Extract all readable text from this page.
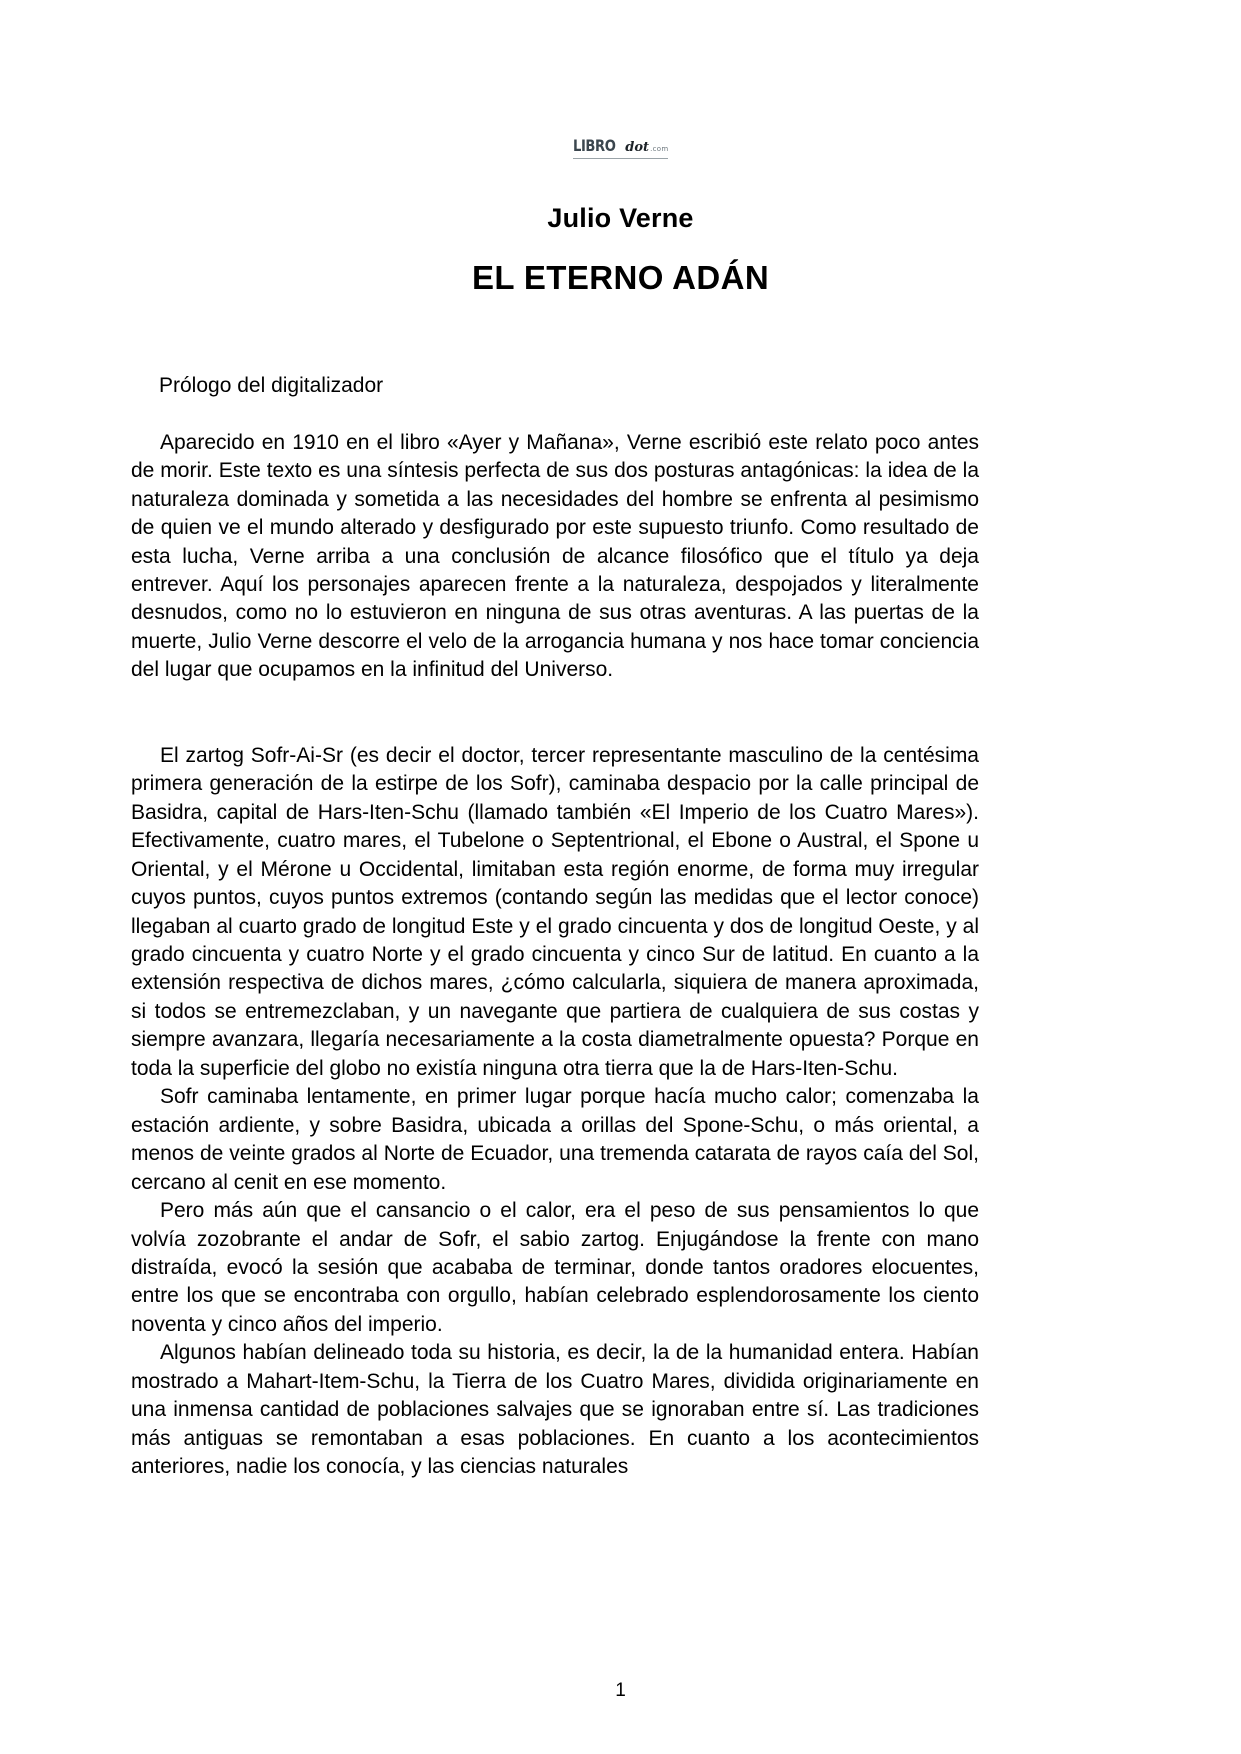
LIBRO dot.com
Julio Verne
EL ETERNO ADÁN
Prólogo del digitalizador

Aparecido en 1910 en el libro «Ayer y Mañana», Verne escribió este relato poco antes de morir. Este texto es una síntesis perfecta de sus dos posturas antagónicas: la idea de la naturaleza dominada y sometida a las necesidades del hombre se enfrenta al pesimismo de quien ve el mundo alterado y desfigurado por este supuesto triunfo. Como resultado de esta lucha, Verne arriba a una conclusión de alcance filosófico que el título ya deja entrever. Aquí los personajes aparecen frente a la naturaleza, despojados y literalmente desnudos, como no lo estuvieron en ninguna de sus otras aventuras. A las puertas de la muerte, Julio Verne descorre el velo de la arrogancia humana y nos hace tomar conciencia del lugar que ocupamos en la infinitud del Universo.

El zartog Sofr-Ai-Sr (es decir el doctor, tercer representante masculino de la centésima primera generación de la estirpe de los Sofr), caminaba despacio por la calle principal de Basidra, capital de Hars-Iten-Schu (llamado también «El Imperio de los Cuatro Mares»). Efectivamente, cuatro mares, el Tubelone o Septentrional, el Ebone o Austral, el Spone u Oriental, y el Mérone u Occidental, limitaban esta región enorme, de forma muy irregular cuyos puntos, cuyos puntos extremos (contando según las medidas que el lector conoce) llegaban al cuarto grado de longitud Este y el grado cincuenta y dos de longitud Oeste, y al grado cincuenta y cuatro Norte y el grado cincuenta y cinco Sur de latitud. En cuanto a la extensión respectiva de dichos mares, ¿cómo calcularla, siquiera de manera aproximada, si todos se entremezclaban, y un navegante que partiera de cualquiera de sus costas y siempre avanzara, llegaría necesariamente a la costa diametralmente opuesta? Porque en toda la superficie del globo no existía ninguna otra tierra que la de Hars-Iten-Schu.

Sofr caminaba lentamente, en primer lugar porque hacía mucho calor; comenzaba la estación ardiente, y sobre Basidra, ubicada a orillas del Spone-Schu, o más oriental, a menos de veinte grados al Norte de Ecuador, una tremenda catarata de rayos caía del Sol, cercano al cenit en ese momento.

Pero más aún que el cansancio o el calor, era el peso de sus pensamientos lo que volvía zozobrante el andar de Sofr, el sabio zartog. Enjugándose la frente con mano distraída, evocó la sesión que acababa de terminar, donde tantos oradores elocuentes, entre los que se encontraba con orgullo, habían celebrado esplendorosamente los ciento noventa y cinco años del imperio.

Algunos habían delineado toda su historia, es decir, la de la humanidad entera. Habían mostrado a Mahart-Item-Schu, la Tierra de los Cuatro Mares, dividida originariamente en una inmensa cantidad de poblaciones salvajes que se ignoraban entre sí. Las tradiciones más antiguas se remontaban a esas poblaciones. En cuanto a los acontecimientos anteriores, nadie los conocía, y las ciencias naturales

1
